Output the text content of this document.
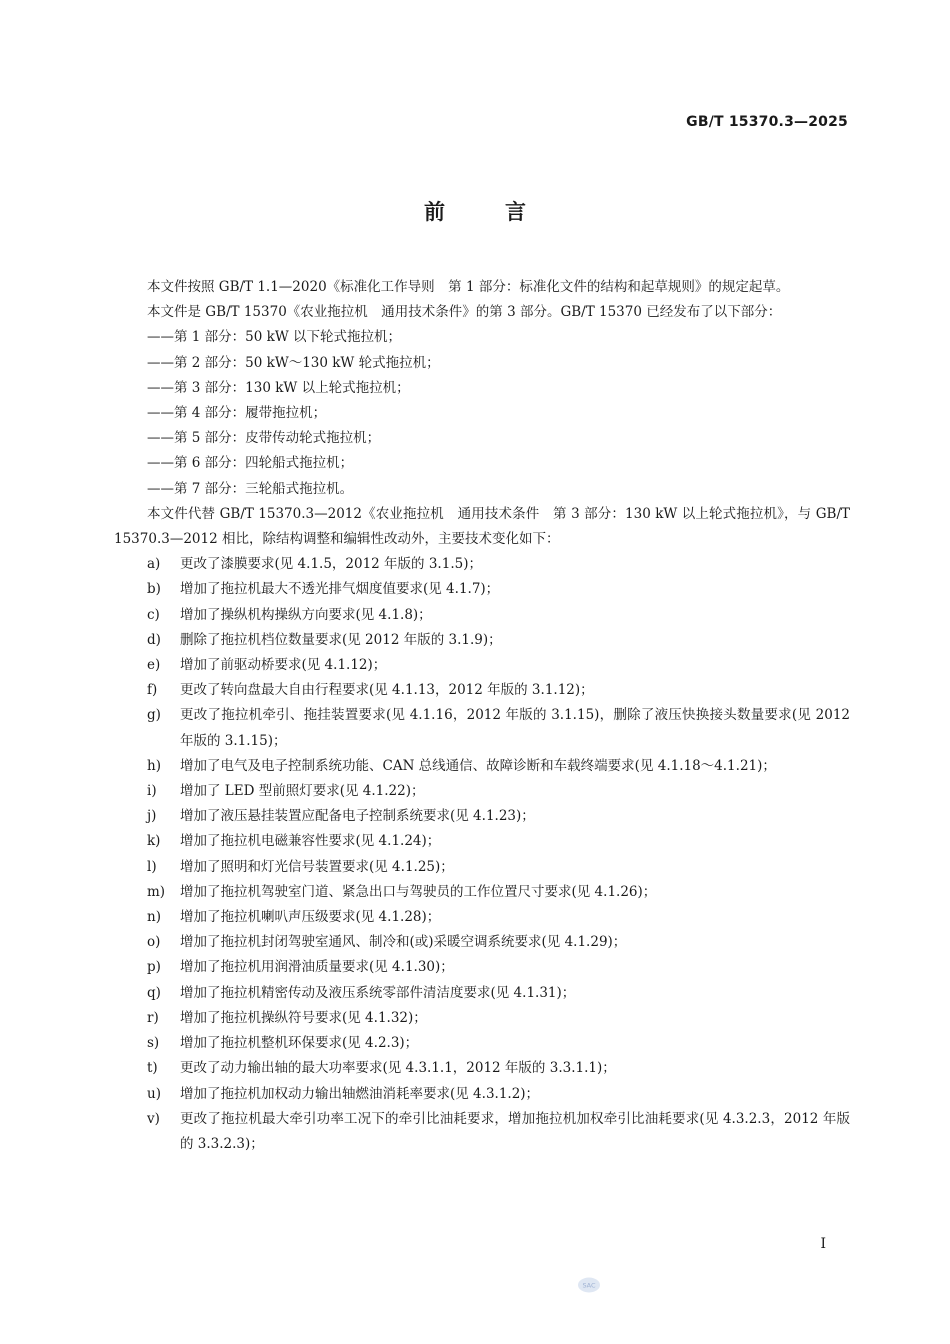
GB/T 15370.3—2025
前言

本文件按照 GB/T 1.1—2020《标准化工作导则　第 1 部分：标准化文件的结构和起草规则》的规定起草。

本文件是 GB/T 15370《农业拖拉机　通用技术条件》的第 3 部分。GB/T 15370 已经发布了以下部分：

——第 1 部分：50 kW 以下轮式拖拉机；

——第 2 部分：50 kW～130 kW 轮式拖拉机；

——第 3 部分：130 kW 以上轮式拖拉机；

——第 4 部分：履带拖拉机；

——第 5 部分：皮带传动轮式拖拉机；

——第 6 部分：四轮船式拖拉机；

——第 7 部分：三轮船式拖拉机。

本文件代替 GB/T 15370.3—2012《农业拖拉机　通用技术条件　第 3 部分：130 kW 以上轮式拖拉机》，与 GB/T 15370.3—2012 相比，除结构调整和编辑性改动外，主要技术变化如下：

a) 更改了漆膜要求(见 4.1.5，2012 年版的 3.1.5)；

b) 增加了拖拉机最大不透光排气烟度值要求(见 4.1.7)；

c) 增加了操纵机构操纵方向要求(见 4.1.8)；

d) 删除了拖拉机档位数量要求(见 2012 年版的 3.1.9)；

e) 增加了前驱动桥要求(见 4.1.12)；

f) 更改了转向盘最大自由行程要求(见 4.1.13，2012 年版的 3.1.12)；

g) 更改了拖拉机牵引、拖挂装置要求(见 4.1.16，2012 年版的 3.1.15)，删除了液压快换接头数量要求(见 2012 年版的 3.1.15)；

h) 增加了电气及电子控制系统功能、CAN 总线通信、故障诊断和车载终端要求(见 4.1.18～4.1.21)；

i) 增加了 LED 型前照灯要求(见 4.1.22)；

j) 增加了液压悬挂装置应配备电子控制系统要求(见 4.1.23)；

k) 增加了拖拉机电磁兼容性要求(见 4.1.24)；

l) 增加了照明和灯光信号装置要求(见 4.1.25)；

m) 增加了拖拉机驾驶室门道、紧急出口与驾驶员的工作位置尺寸要求(见 4.1.26)；

n) 增加了拖拉机喇叭声压级要求(见 4.1.28)；

o) 增加了拖拉机封闭驾驶室通风、制冷和(或)采暖空调系统要求(见 4.1.29)；

p) 增加了拖拉机用润滑油质量要求(见 4.1.30)；

q) 增加了拖拉机精密传动及液压系统零部件清洁度要求(见 4.1.31)；

r) 增加了拖拉机操纵符号要求(见 4.1.32)；

s) 增加了拖拉机整机环保要求(见 4.2.3)；

t) 更改了动力输出轴的最大功率要求(见 4.3.1.1，2012 年版的 3.3.1.1)；

u) 增加了拖拉机加权动力输出轴燃油消耗率要求(见 4.3.1.2)；

v) 更改了拖拉机最大牵引功率工况下的牵引比油耗要求，增加拖拉机加权牵引比油耗要求(见 4.3.2.3，2012 年版的 3.3.2.3)；

I
SAC
